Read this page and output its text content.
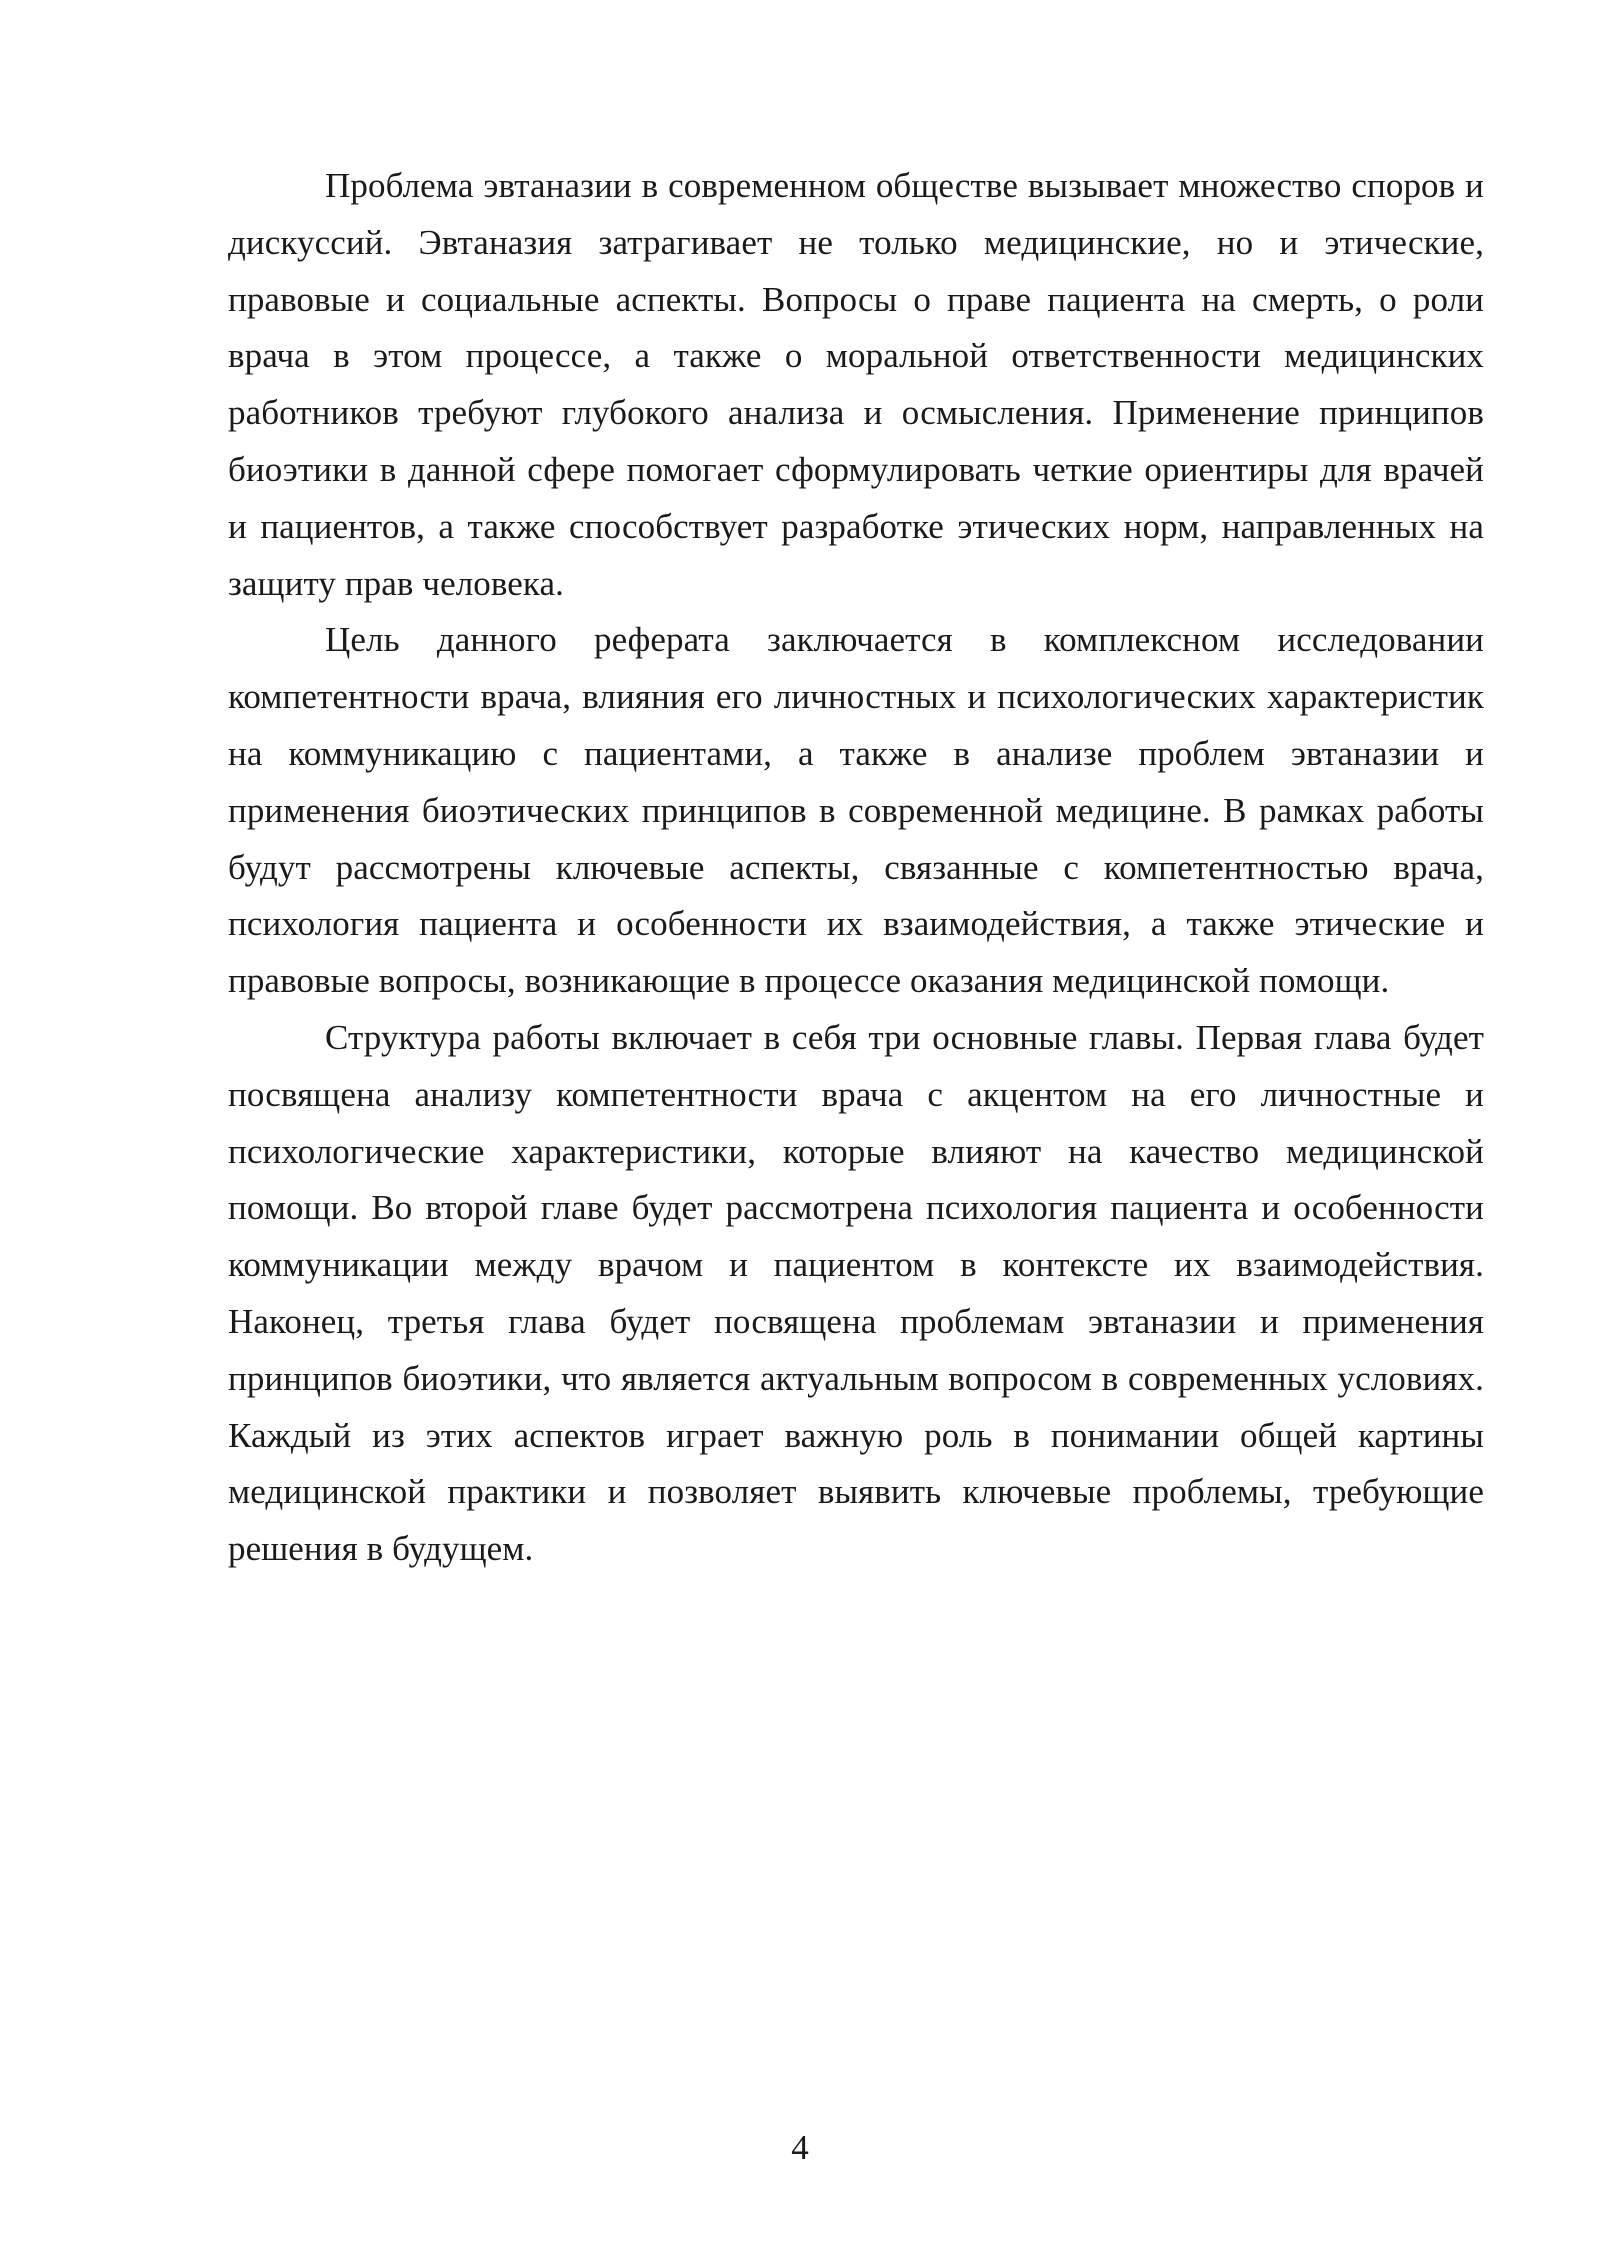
Проблема эвтаназии в современном обществе вызывает множество споров и дискуссий. Эвтаназия затрагивает не только медицинские, но и этические, правовые и социальные аспекты. Вопросы о праве пациента на смерть, о роли врача в этом процессе, а также о моральной ответственности медицинских работников требуют глубокого анализа и осмысления. Применение принципов биоэтики в данной сфере помогает сформулировать четкие ориентиры для врачей и пациентов, а также способствует разработке этических норм, направленных на защиту прав человека.

Цель данного реферата заключается в комплексном исследовании компетентности врача, влияния его личностных и психологических характеристик на коммуникацию с пациентами, а также в анализе проблем эвтаназии и применения биоэтических принципов в современной медицине. В рамках работы будут рассмотрены ключевые аспекты, связанные с компетентностью врача, психология пациента и особенности их взаимодействия, а также этические и правовые вопросы, возникающие в процессе оказания медицинской помощи.

Структура работы включает в себя три основные главы. Первая глава будет посвящена анализу компетентности врача с акцентом на его личностные и психологические характеристики, которые влияют на качество медицинской помощи. Во второй главе будет рассмотрена психология пациента и особенности коммуникации между врачом и пациентом в контексте их взаимодействия. Наконец, третья глава будет посвящена проблемам эвтаназии и применения принципов биоэтики, что является актуальным вопросом в современных условиях. Каждый из этих аспектов играет важную роль в понимании общей картины медицинской практики и позволяет выявить ключевые проблемы, требующие решения в будущем.

4
